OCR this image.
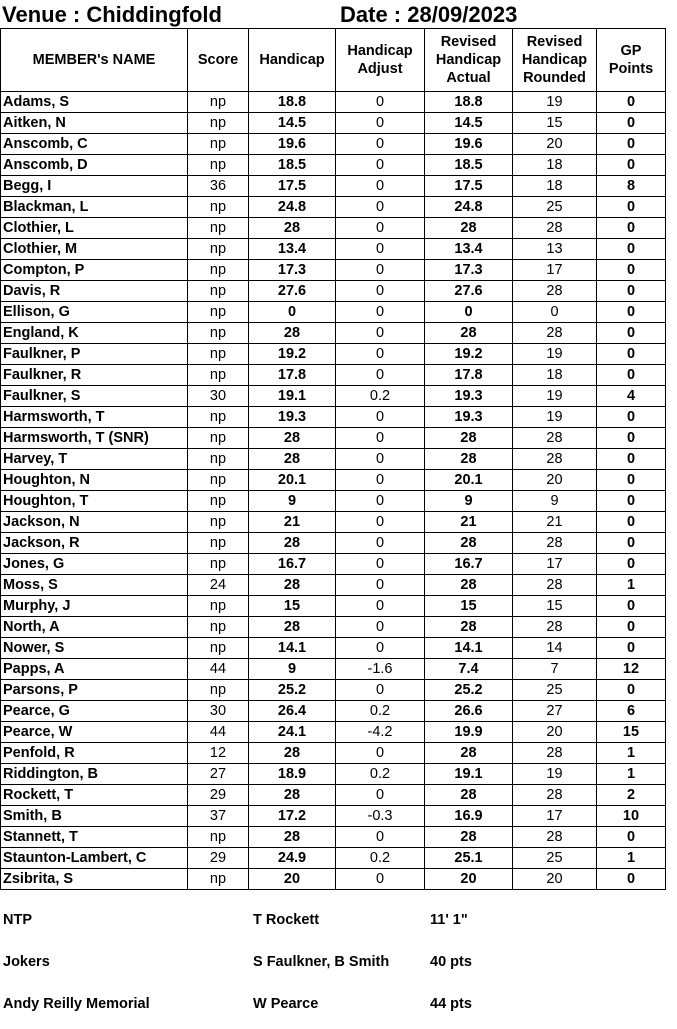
Venue : Chiddingfold	Date : 28/09/2023
MEMBER's NAME	Score	Handicap	Handicap Adjust	Revised Handicap Actual	Revised Handicap Rounded	GP Points
Adams, S	np	18.8	0	18.8	19	0
Aitken, N	np	14.5	0	14.5	15	0
Anscomb, C	np	19.6	0	19.6	20	0
Anscomb, D	np	18.5	0	18.5	18	0
Begg, I	36	17.5	0	17.5	18	8
Blackman, L	np	24.8	0	24.8	25	0
Clothier, L	np	28	0	28	28	0
Clothier, M	np	13.4	0	13.4	13	0
Compton, P	np	17.3	0	17.3	17	0
Davis, R	np	27.6	0	27.6	28	0
Ellison, G	np	0	0	0	0	0
England, K	np	28	0	28	28	0
Faulkner, P	np	19.2	0	19.2	19	0
Faulkner, R	np	17.8	0	17.8	18	0
Faulkner, S	30	19.1	0.2	19.3	19	4
Harmsworth, T	np	19.3	0	19.3	19	0
Harmsworth, T (SNR)	np	28	0	28	28	0
Harvey, T	np	28	0	28	28	0
Houghton, N	np	20.1	0	20.1	20	0
Houghton, T	np	9	0	9	9	0
Jackson, N	np	21	0	21	21	0
Jackson, R	np	28	0	28	28	0
Jones, G	np	16.7	0	16.7	17	0
Moss, S	24	28	0	28	28	1
Murphy, J	np	15	0	15	15	0
North, A	np	28	0	28	28	0
Nower, S	np	14.1	0	14.1	14	0
Papps, A	44	9	-1.6	7.4	7	12
Parsons, P	np	25.2	0	25.2	25	0
Pearce, G	30	26.4	0.2	26.6	27	6
Pearce, W	44	24.1	-4.2	19.9	20	15
Penfold, R	12	28	0	28	28	1
Riddington, B	27	18.9	0.2	19.1	19	1
Rockett, T	29	28	0	28	28	2
Smith, B	37	17.2	-0.3	16.9	17	10
Stannett, T	np	28	0	28	28	0
Staunton-Lambert, C	29	24.9	0.2	25.1	25	1
Zsibrita, S	np	20	0	20	20	0
NTP	T Rockett	11' 1"
Jokers	S Faulkner, B Smith	40 pts
Andy Reilly Memorial	W Pearce	44 pts
